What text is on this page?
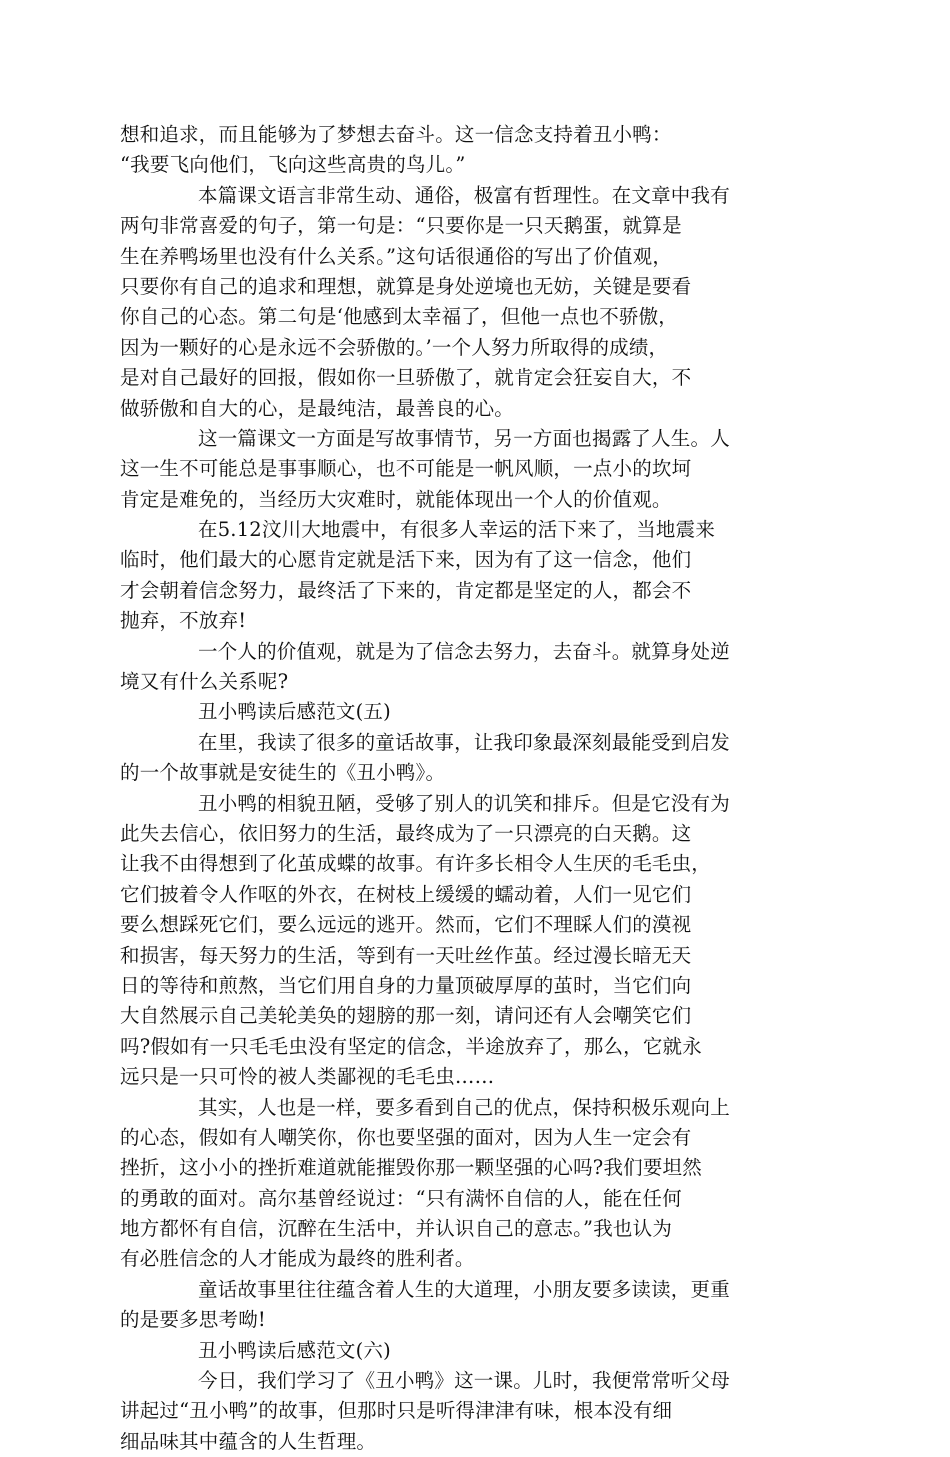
想和追求，而且能够为了梦想去奋斗。这一信念支持着丑小鸭：
“我要飞向他们，飞向这些高贵的鸟儿。”
本篇课文语言非常生动、通俗，极富有哲理性。在文章中我有
两句非常喜爱的句子，第一句是：“只要你是一只天鹅蛋，就算是
生在养鸭场里也没有什么关系。”这句话很通俗的写出了价值观，
只要你有自己的追求和理想，就算是身处逆境也无妨，关键是要看
你自己的心态。第二句是‘他感到太幸福了，但他一点也不骄傲，
因为一颗好的心是永远不会骄傲的。’一个人努力所取得的成绩，
是对自己最好的回报，假如你一旦骄傲了，就肯定会狂妄自大，不
做骄傲和自大的心，是最纯洁，最善良的心。
这一篇课文一方面是写故事情节，另一方面也揭露了人生。人
这一生不可能总是事事顺心，也不可能是一帆风顺，一点小的坎坷
肯定是难免的，当经历大灾难时，就能体现出一个人的价值观。
在5.12汶川大地震中，有很多人幸运的活下来了，当地震来
临时，他们最大的心愿肯定就是活下来，因为有了这一信念，他们
才会朝着信念努力，最终活了下来的，肯定都是坚定的人，都会不
抛弃，不放弃!
一个人的价值观，就是为了信念去努力，去奋斗。就算身处逆
境又有什么关系呢?
丑小鸭读后感范文(五)
在里，我读了很多的童话故事，让我印象最深刻最能受到启发
的一个故事就是安徒生的《丑小鸭》。
丑小鸭的相貌丑陋，受够了别人的讥笑和排斥。但是它没有为
此失去信心，依旧努力的生活，最终成为了一只漂亮的白天鹅。这
让我不由得想到了化茧成蝶的故事。有许多长相令人生厌的毛毛虫，
它们披着令人作呕的外衣，在树枝上缓缓的蠕动着，人们一见它们
要么想踩死它们，要么远远的逃开。然而，它们不理睬人们的漠视
和损害，每天努力的生活，等到有一天吐丝作茧。经过漫长暗无天
日的等待和煎熬，当它们用自身的力量顶破厚厚的茧时，当它们向
大自然展示自己美轮美奂的翅膀的那一刻，请问还有人会嘲笑它们
吗?假如有一只毛毛虫没有坚定的信念，半途放弃了，那么，它就永
远只是一只可怜的被人类鄙视的毛毛虫……
其实，人也是一样，要多看到自己的优点，保持积极乐观向上
的心态，假如有人嘲笑你，你也要坚强的面对，因为人生一定会有
挫折，这小小的挫折难道就能摧毁你那一颗坚强的心吗?我们要坦然
的勇敢的面对。高尔基曾经说过：“只有满怀自信的人，能在任何
地方都怀有自信，沉醉在生活中，并认识自己的意志。”我也认为
有必胜信念的人才能成为最终的胜利者。
童话故事里往往蕴含着人生的大道理，小朋友要多读读，更重
的是要多思考呦!
丑小鸭读后感范文(六)
今日，我们学习了《丑小鸭》这一课。儿时，我便常常听父母
讲起过“丑小鸭”的故事，但那时只是听得津津有味，根本没有细
细品味其中蕴含的人生哲理。
